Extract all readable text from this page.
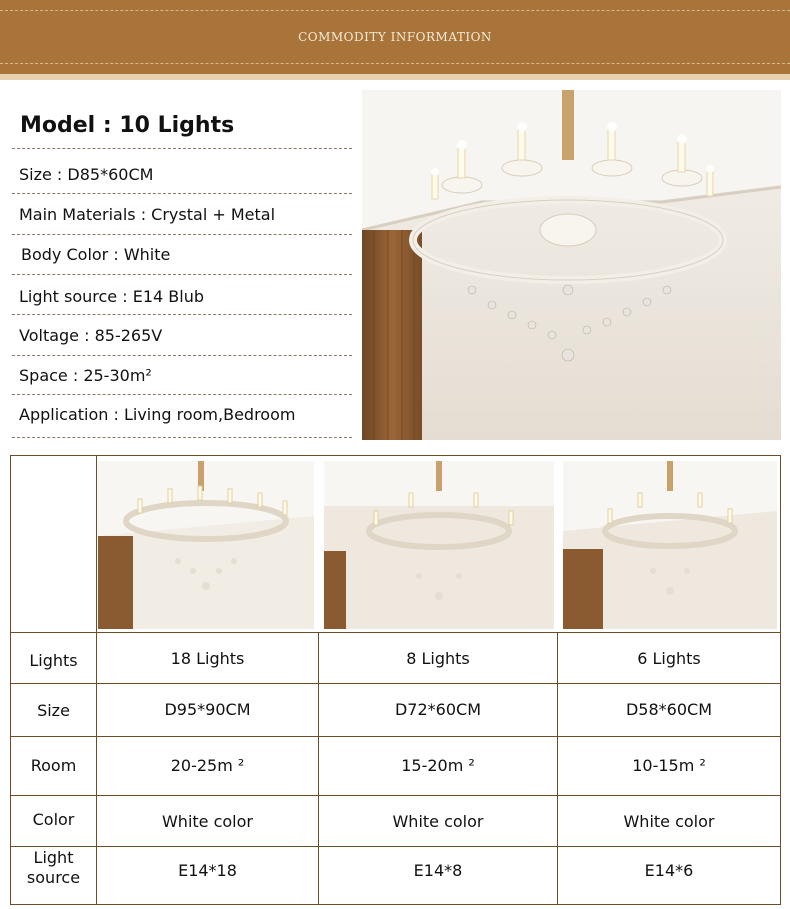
COMMODITY INFORMATION
Model : 10 Lights
Size : D85*60CM
Main Materials : Crystal + Metal
Body Color : White
Light source : E14 Blub
Voltage : 85-265V
Space : 25-30m²
Application : Living room,Bedroom
Lights
Size
Room
Color
Light source
18 Lights
D95*90CM
20-25m ²
White color
E14*18
8 Lights
D72*60CM
15-20m ²
White color
E14*8
6 Lights
D58*60CM
10-15m ²
White color
E14*6
